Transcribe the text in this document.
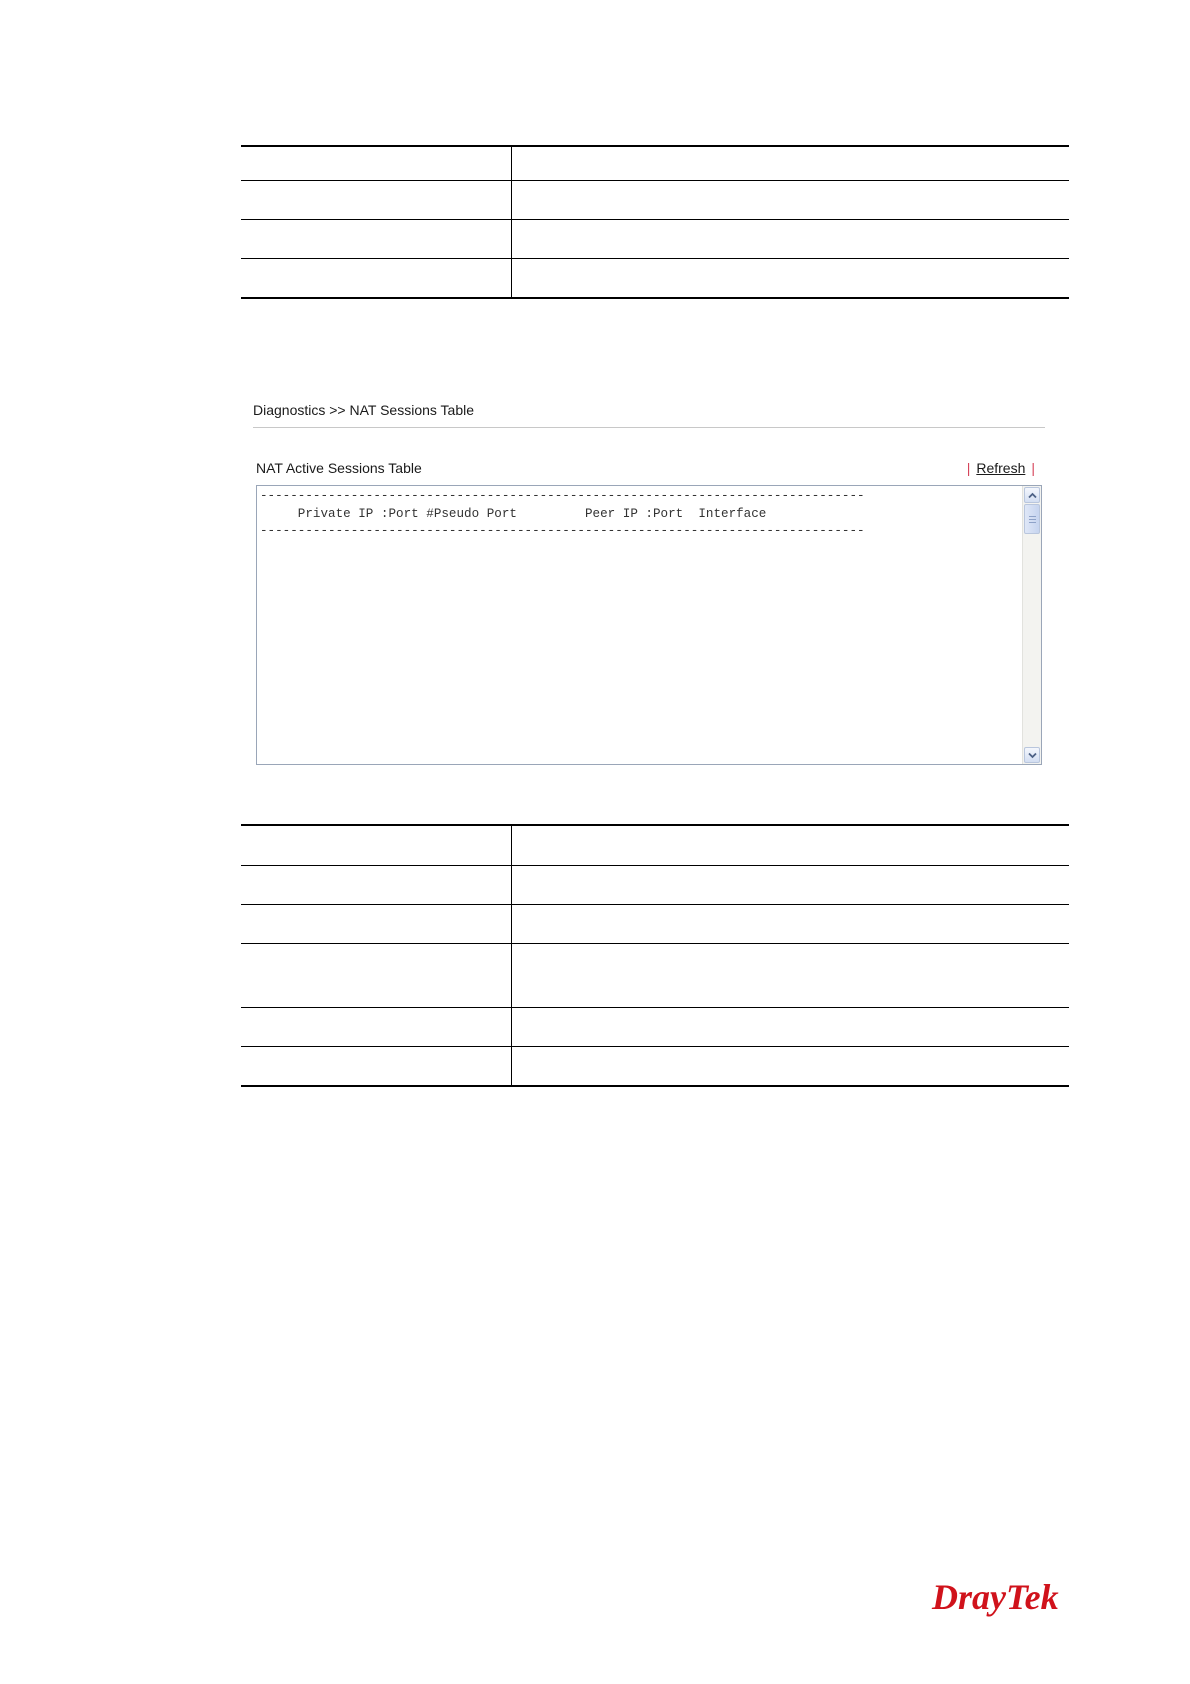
Diagnostics >> NAT Sessions Table
NAT Active Sessions Table	| Refresh |
--------------------------------------------------------------------------------
Private IP :Port #Pseudo Port         Peer IP :Port  Interface
--------------------------------------------------------------------------------

DrayTek
